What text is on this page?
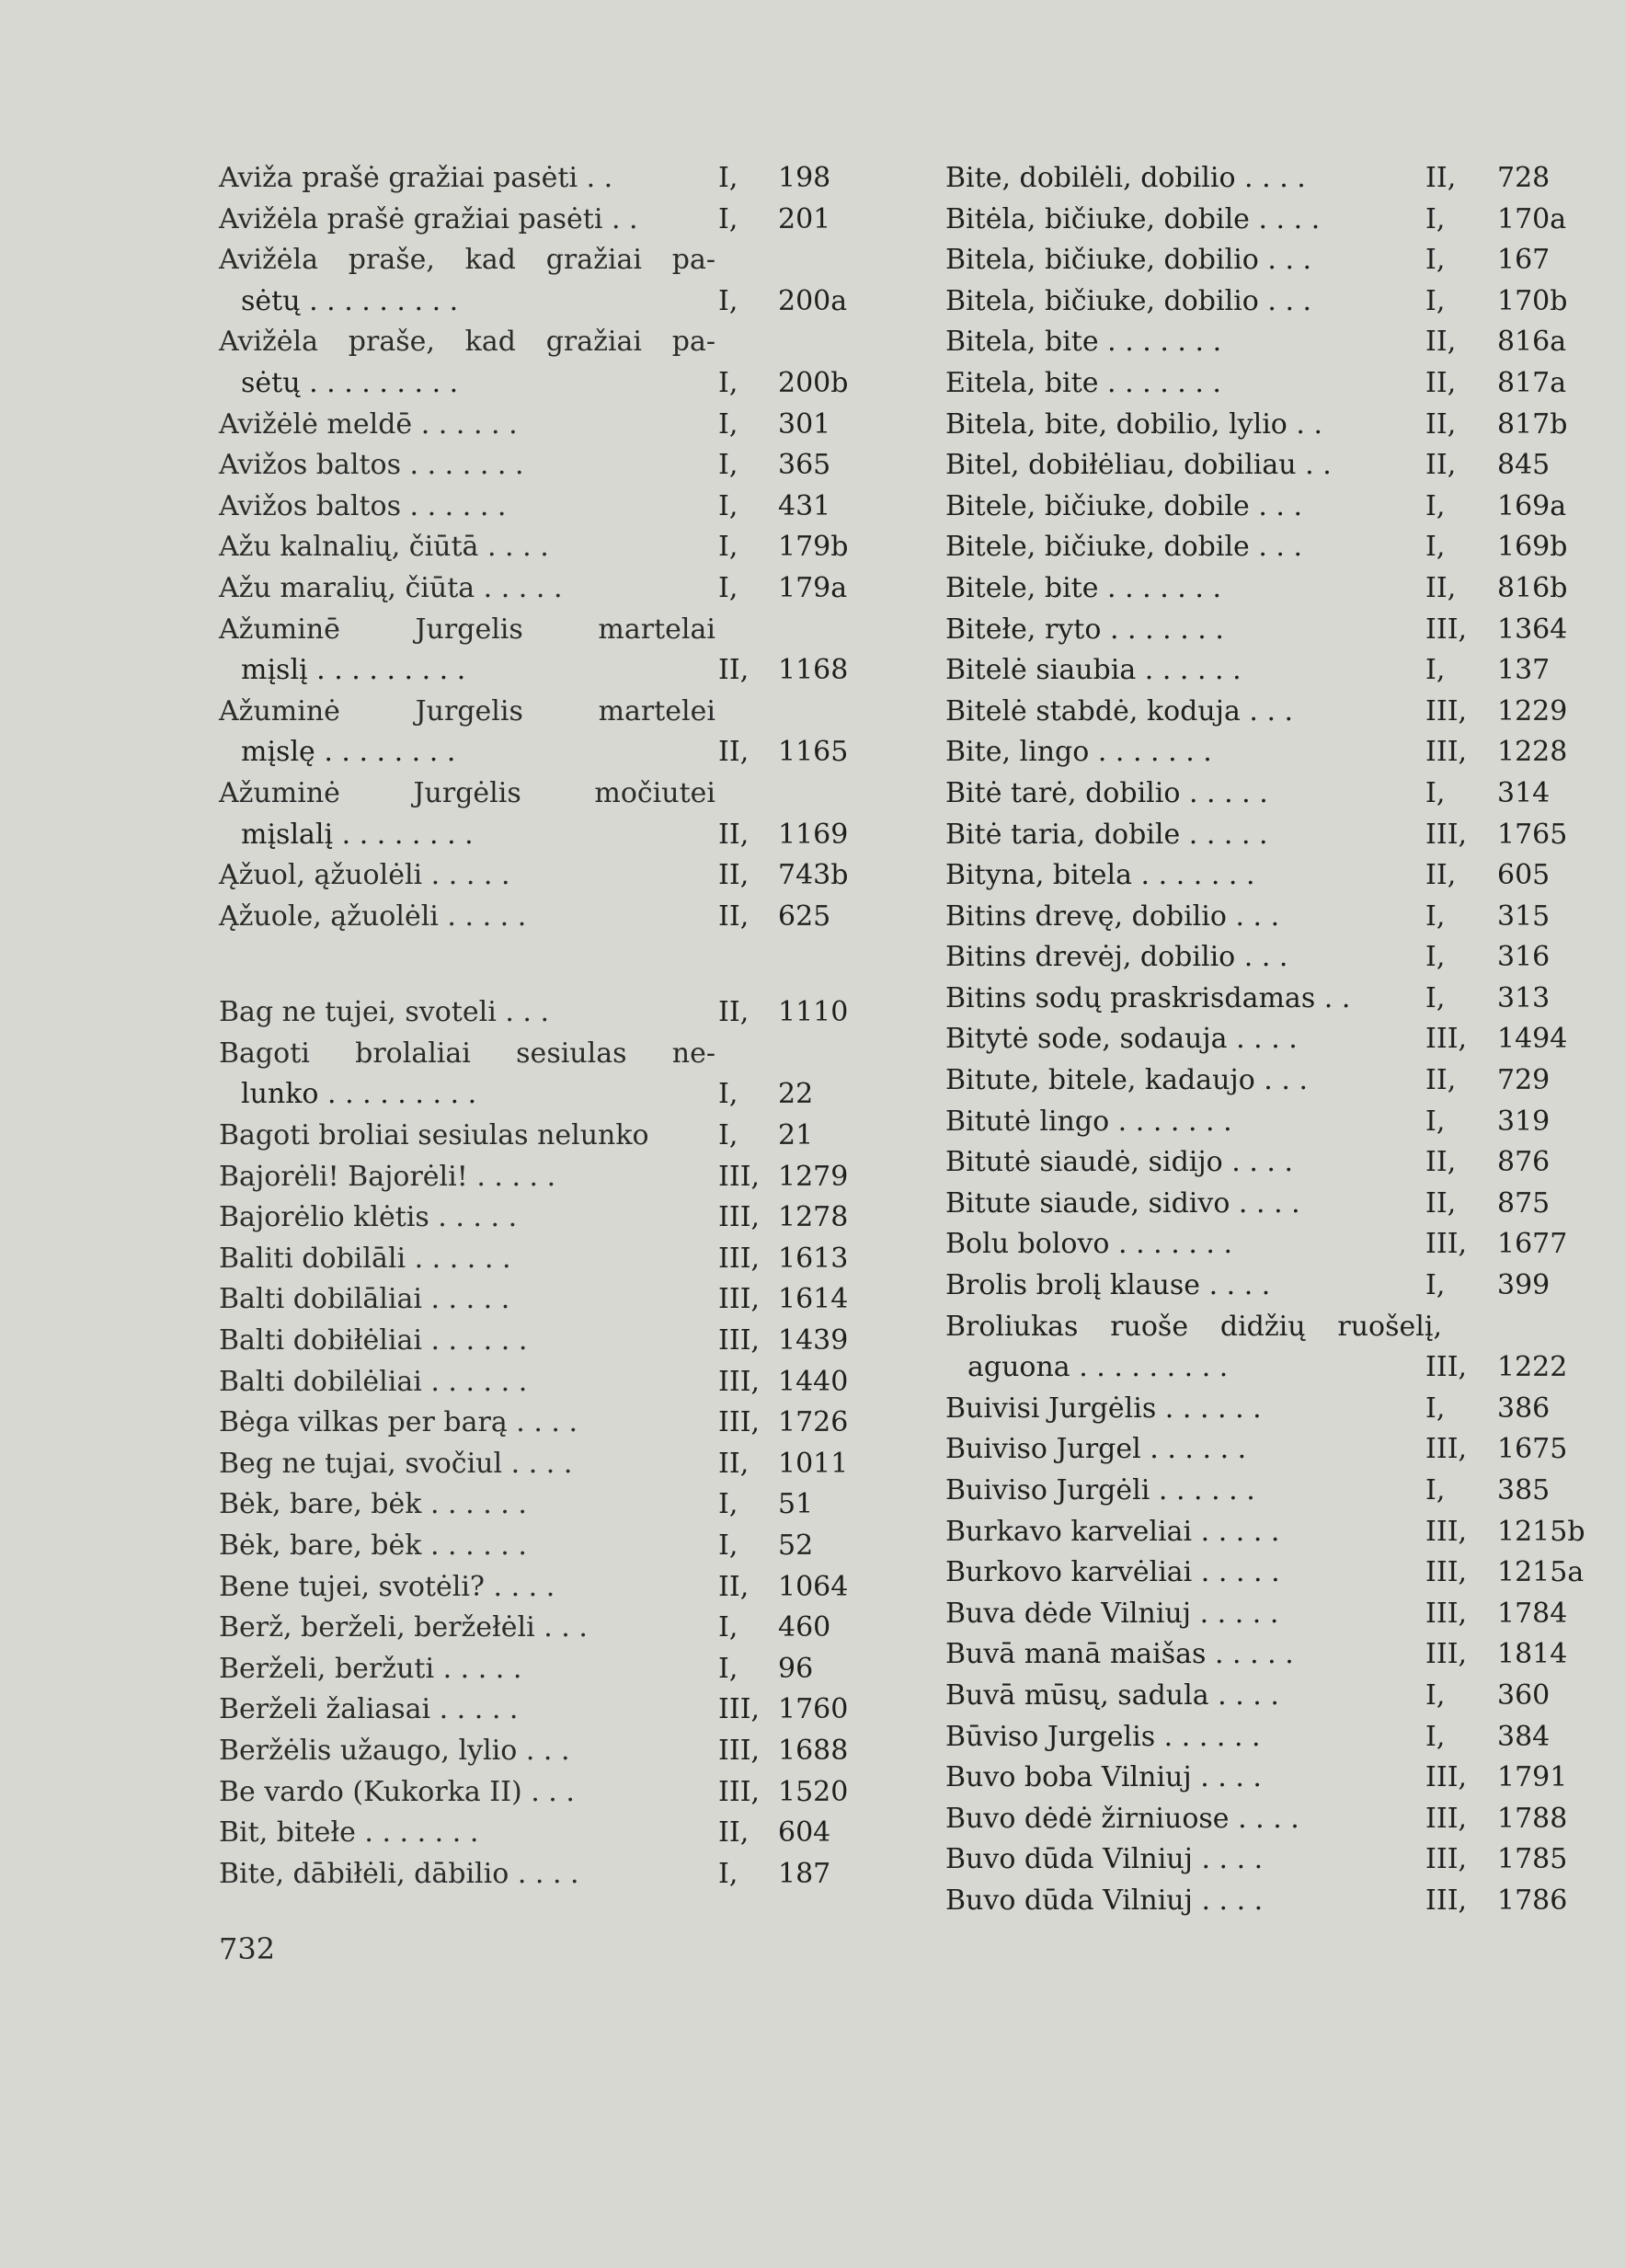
Aviža prašė gražiai pasėti . .	I, 198
Avižėla prašė gražiai pasėti . .	I, 201
Avižėla praše, kad gražiai pa-
sėtų . . . . . . . . .	I, 200a
Avižėla praše, kad gražiai pa-
sėtų . . . . . . . . .	I, 200b
Avižėlė meldē . . . . . .	I, 301
Avižos baltos . . . . . . .	I, 365
Avižos baltos . . . . . .	I, 431
Ažu kalnalių, čiūtā . . . .	I, 179b
Ažu maralių, čiūta . . . . .	I, 179a
Ažuminē Jurgelis martelai
mįslį . . . . . . . . .	II, 1168
Ažuminė Jurgelis martelei
mįslę . . . . . . . .	II, 1165
Ažuminė Jurgėlis močiutei
mįslalį . . . . . . . .	II, 1169
Ąžuol, ąžuolėli . . . . .	II, 743b
Ąžuole, ąžuolėli . . . . .	II, 625
Bag ne tujei, svoteli . . .	II, 1110
Bagoti brolaliai sesiulas ne-
lunko . . . . . . . . .	I, 22
Bagoti broliai sesiulas nelunko	I, 21
Bajorėli! Bajorėli! . . . . .	III, 1279
Bajorėlio klėtis . . . . .	III, 1278
Baliti dobilāli . . . . . .	III, 1613
Balti dobilāliai . . . . .	III, 1614
Balti dobiłėliai . . . . . .	III, 1439
Balti dobilėliai . . . . . .	III, 1440
Bėga vilkas per barą . . . .	III, 1726
Beg ne tujai, svočiul . . . .	II, 1011
Bėk, bare, bėk . . . . . .	I, 51
Bėk, bare, bėk . . . . . .	I, 52
Bene tujei, svotėli? . . . .	II, 1064
Berž, berželi, beržełėli . . .	I, 460
Berželi, beržuti . . . . .	I, 96
Berželi žaliasai . . . . .	III, 1760
Beržėlis užaugo, lylio . . .	III, 1688
Be vardo (Kukorka II) . . .	III, 1520
Bit, bitełe . . . . . . .	II, 604
Bite, dābiłėli, dābilio . . . .	I, 187
Bite, dobilėli, dobilio . . . .	II, 728
Bitėla, bičiuke, dobile . . . .	I, 170a
Bitela, bičiuke, dobilio . . .	I, 167
Bitela, bičiuke, dobilio . . .	I, 170b
Bitela, bite . . . . . . .	II, 816a
Eitela, bite . . . . . . .	II, 817a
Bitela, bite, dobilio, lylio . .	II, 817b
Bitel, dobiłėliau, dobiliau . .	II, 845
Bitele, bičiuke, dobile . . .	I, 169a
Bitele, bičiuke, dobile . . .	I, 169b
Bitele, bite . . . . . . .	II, 816b
Bitełe, ryto . . . . . . .	III, 1364
Bitelė siaubia . . . . . .	I, 137
Bitelė stabdė, koduja . . .	III, 1229
Bite, lingo . . . . . . .	III, 1228
Bitė tarė, dobilio . . . . .	I, 314
Bitė taria, dobile . . . . .	III, 1765
Bityna, bitela . . . . . . .	II, 605
Bitins drevę, dobilio . . .	I, 315
Bitins drevėj, dobilio . . .	I, 316
Bitins sodų praskrisdamas . .	I, 313
Bitytė sode, sodauja . . . .	III, 1494
Bitute, bitele, kadaujo . . .	II, 729
Bitutė lingo . . . . . . .	I, 319
Bitutė siaudė, sidijo . . . .	II, 876
Bitute siaude, sidivo . . . .	II, 875
Bolu bolovo . . . . . . .	III, 1677
Brolis brolį klause . . . .	I, 399
Broliukas ruoše didžių ruošelį,
aguona . . . . . . . . .	III, 1222
Buivisi Jurgėlis . . . . . .	I, 386
Buiviso Jurgel . . . . . .	III, 1675
Buiviso Jurgėli . . . . . .	I, 385
Burkavo karveliai . . . . .	III, 1215b
Burkovo karvėliai . . . . .	III, 1215a
Buva dėde Vilniuj . . . . .	III, 1784
Buvā manā maišas . . . . .	III, 1814
Buvā mūsų, sadula . . . .	I, 360
Būviso Jurgelis . . . . . .	I, 384
Buvo boba Vilniuj . . . .	III, 1791
Buvo dėdė žirniuose . . . .	III, 1788
Buvo dūda Vilniuj . . . .	III, 1785
Buvo dūda Vilniuj . . . .	III, 1786
732
